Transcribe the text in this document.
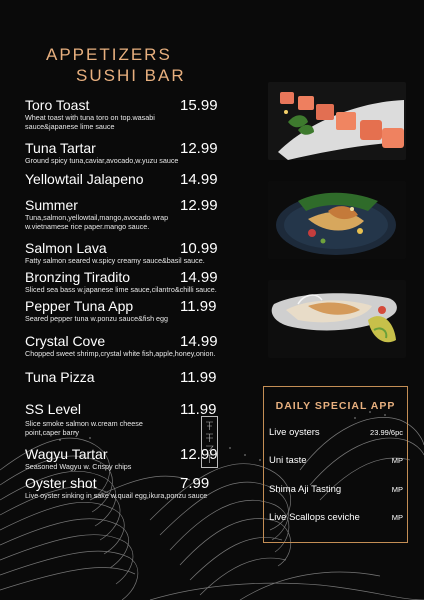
APPETIZERS
SUSHI BAR
Toro Toast	15.99
Wheat toast with tuna toro on top.wasabi
sauce&japanese lime sauce
Tuna Tartar	12.99
Ground spicy tuna,caviar,avocado,w.yuzu sauce
Yellowtail Jalapeno	14.99
Summer	12.99
Tuna,salmon,yellowtail,mango,avocado wrap
w.vietnamese rice paper.mango sauce.
Salmon Lava	10.99
Fatty salmon seared w.spicy creamy sauce&basil sauce.
Bronzing Tiradito	14.99
Sliced sea bass w.japanese lime sauce,cilantro&chilli sauce.
Pepper Tuna App	11.99
Seared pepper tuna w.ponzu sauce&fish egg
Crystal Cove	14.99
Chopped sweet shrimp,crystal white fish,apple,honey,onion.
Tuna Pizza	11.99
SS Level	11.99
Slice smoke salmon w.cream cheese
point,caper barry
Wagyu Tartar	12.99
Seasoned Wagyu w. Crispy chips
Oyster shot	7.99
Live oyster sinking in sake w.quail egg,ikura,ponzu sauce
DAILY SPECIAL APP
Live oysters	23.99/6pc
Uni taste	MP
Shima Aji Tasting	MP
Live Scallops ceviche	MP
